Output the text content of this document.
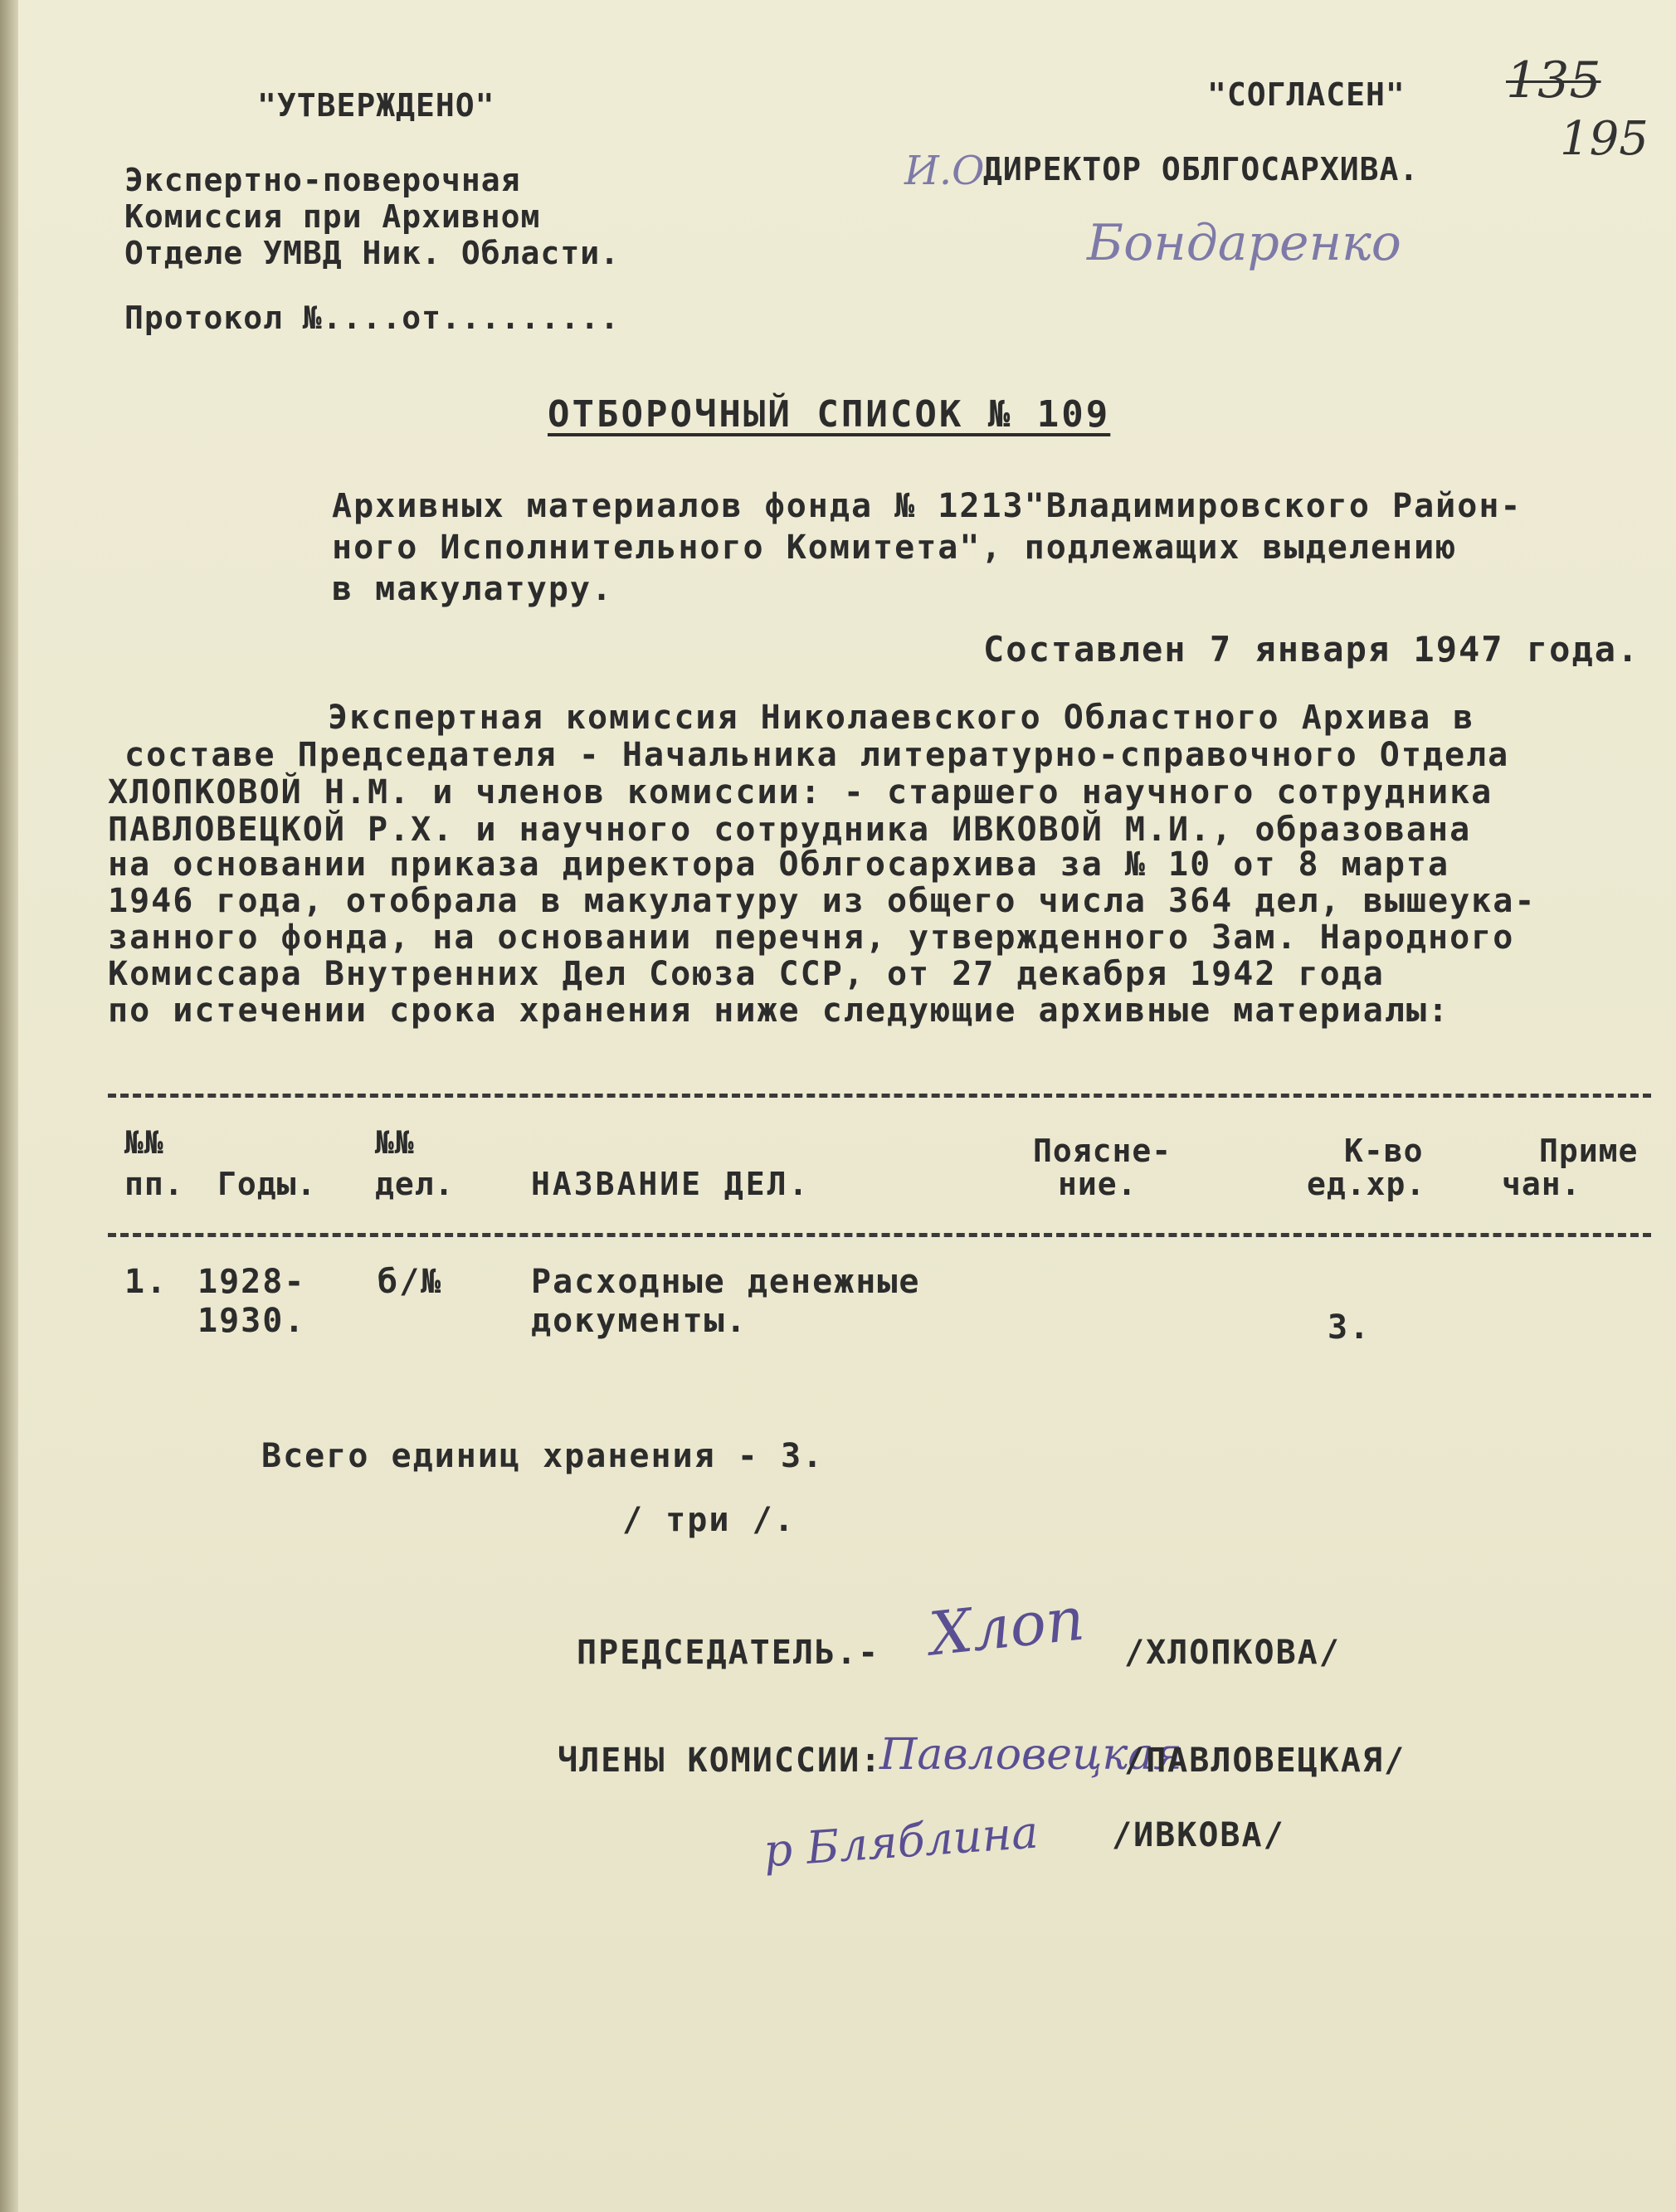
"УТВЕРЖДЕНО"
Экспертно-поверочная
Комиссия при Архивном
Отделе УМВД Ник. Области.
Протокол №....от.........
"СОГЛАСЕН"
И.О
ДИРЕКТОР ОБЛГОСАРХИВА.
Бондаренко
135
195
ОТБОРОЧНЫЙ СПИСОК № 109
Архивных материалов фонда № 1213"Владимировского Район-
ного Исполнительного Комитета", подлежащих выделению
в макулатуру.
Составлен 7 января 1947 года.
Экспертная комиссия Николаевского Областного Архива в
составе Председателя - Начальника литературно-справочного Отдела
ХЛОПКОВОЙ Н.М. и членов комиссии: - старшего научного сотрудника
ПАВЛОВЕЦКОЙ Р.Х. и научного сотрудника ИВКОВОЙ М.И., образована
на основании приказа директора Облгосархива за № 10 от 8 марта
1946 года, отобрала в макулатуру из общего числа 364 дел, вышеука-
занного фонда, на основании перечня, утвержденного Зам. Народного
Комиссара Внутренних Дел Союза ССР, от 27 декабря 1942 года
по истечении срока хранения ниже следующие архивные материалы:
№№
пп. Годы.
№№
дел. НАЗВАНИЕ ДЕЛ.
Поясне-
ние.
К-во
ед.хр.
Приме
чан.
1. 1928-
1930.
б/№	Расходные денежные
документы.	3.
Всего единиц хранения - 3.
/ три /.
ПРЕДСЕДАТЕЛЬ.- Хлоп /ХЛОПКОВА/
ЧЛЕНЫ КОМИССИИ:
Павловецкая
/ПАВЛОВЕЦКАЯ/
р Бляблина /ИВКОВА/
